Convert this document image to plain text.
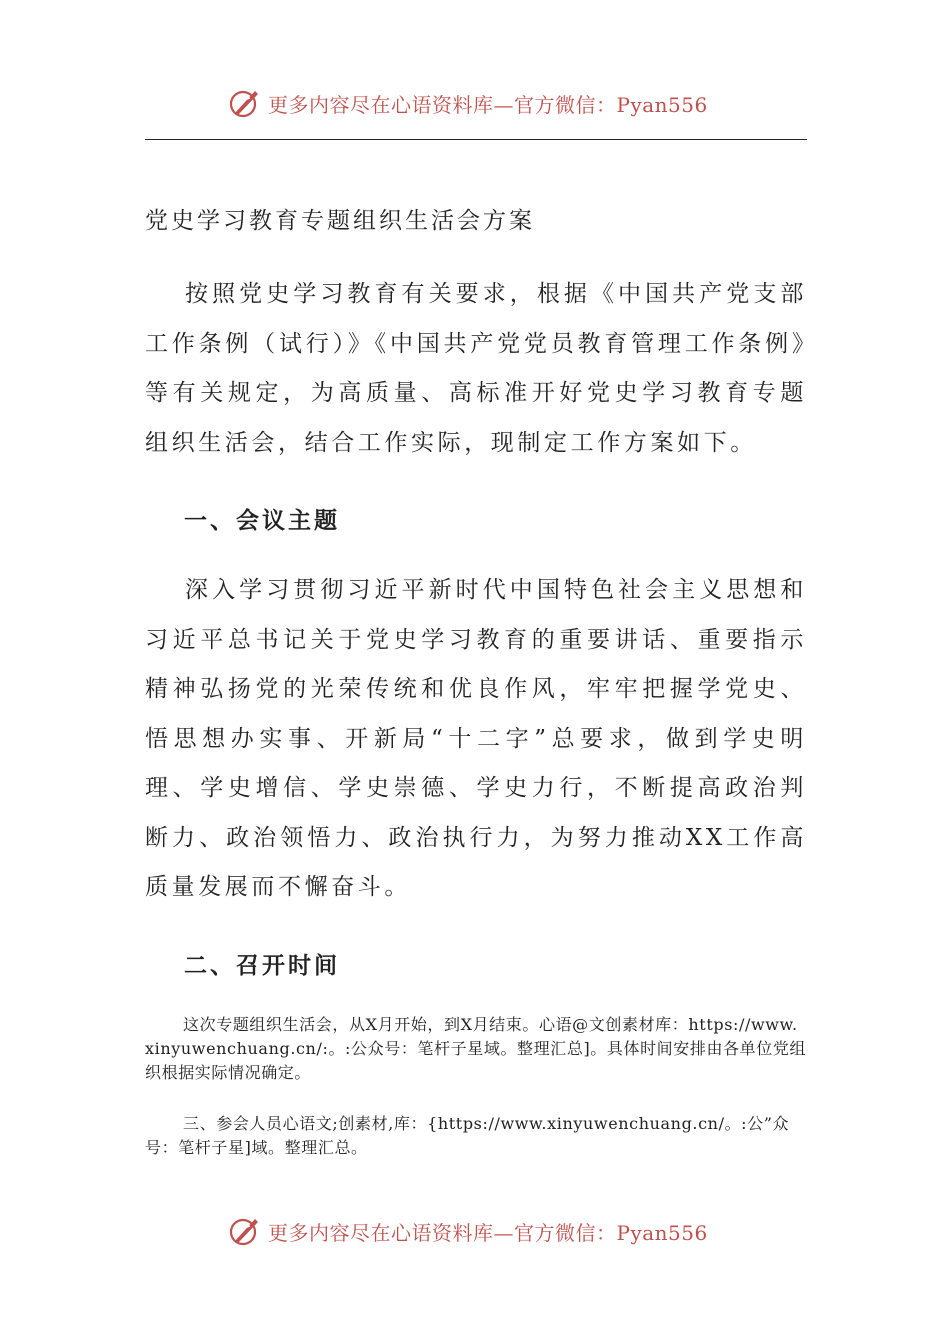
更多内容尽在心语资料库—官方微信：Pyan556
党史学习教育专题组织生活会方案
按照党史学习教育有关要求，根据《中国共产党支部工作条例（试行）》《中国共产党党员教育管理工作条例》等有关规定，为高质量、高标准开好党史学习教育专题组织生活会，结合工作实际，现制定工作方案如下。
一、会议主题
深入学习贯彻习近平新时代中国特色社会主义思想和习近平总书记关于党史学习教育的重要讲话、重要指示精神弘扬党的光荣传统和优良作风，牢牢把握学党史、悟思想办实事、开新局“十二字”总要求，做到学史明理、学史增信、学史崇德、学史力行，不断提高政治判断力、政治领悟力、政治执行力，为努力推动XX工作高质量发展而不懈奋斗。
二、召开时间
这次专题组织生活会，从X月开始，到X月结束。心语@文创素材库：https://www.xinyuwenchuang.cn/:。:公众号：笔杆子星域。整理汇总]。具体时间安排由各单位党组织根据实际情况确定。
三、参会人员心语文;创素材,库：{https://www.xinyuwenchuang.cn/。:公”众号：笔杆子星]域。整理汇总。
更多内容尽在心语资料库—官方微信：Pyan556
